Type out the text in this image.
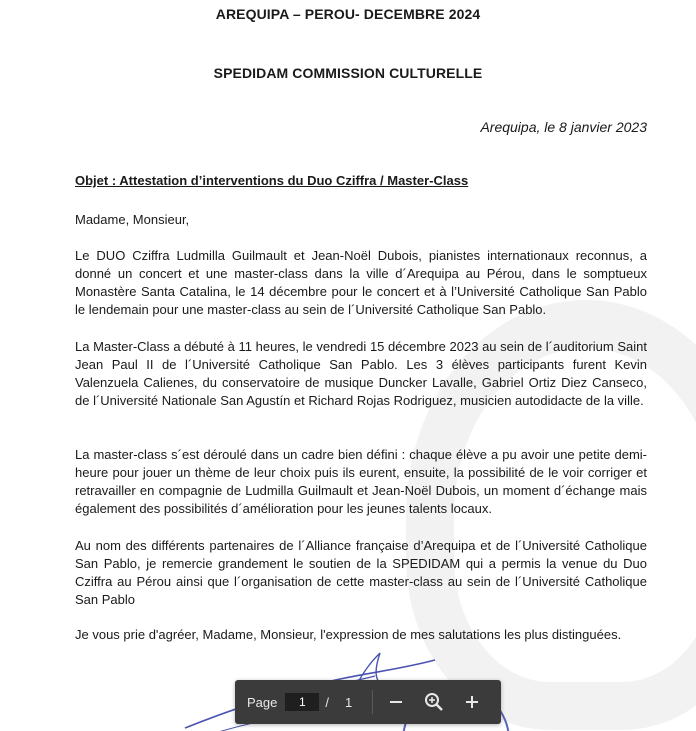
AREQUIPA – PEROU- DECEMBRE 2024
SPEDIDAM COMMISSION CULTURELLE
Arequipa, le 8 janvier 2023
Objet : Attestation d’interventions du Duo Cziffra / Master-Class

Madame, Monsieur,

Le DUO Cziffra Ludmilla Guilmault et Jean-Noël Dubois, pianistes internationaux reconnus, a donné un concert et une master-class dans la ville d´Arequipa au Pérou, dans le somptueux Monastère Santa Catalina, le 14 décembre pour le concert et à l’Université Catholique San Pablo le lendemain pour une master-class au sein de l´Université Catholique San Pablo.

La Master-Class a débuté à 11 heures, le vendredi 15 décembre 2023 au sein de l´auditorium Saint Jean Paul II de l´Université Catholique San Pablo. Les 3 élèves participants furent Kevin Valenzuela Calienes, du conservatoire de musique Duncker Lavalle, Gabriel Ortiz Diez Canseco, de l´Université Nationale San Agustín et Richard Rojas Rodriguez, musicien autodidacte de la ville.

La master-class s´est déroulé dans un cadre bien défini : chaque élève a pu avoir une petite demi-heure pour jouer un thème de leur choix puis ils eurent, ensuite, la possibilité de le voir corriger et retravailler en compagnie de Ludmilla Guilmault et Jean-Noël Dubois, un moment d´échange mais également des possibilités d´amélioration pour les jeunes talents locaux.

Au nom des différents partenaires de l´Alliance française d’Arequipa et de l´Université Catholique San Pablo, je remercie grandement le soutien de la SPEDIDAM qui a permis la venue du Duo Cziffra au Pérou ainsi que l´organisation de cette master-class au sein de l´Université Catholique San Pablo

Je vous prie d'agréer, Madame, Monsieur, l'expression de mes salutations les plus distinguées.

Page
1	/ 1
